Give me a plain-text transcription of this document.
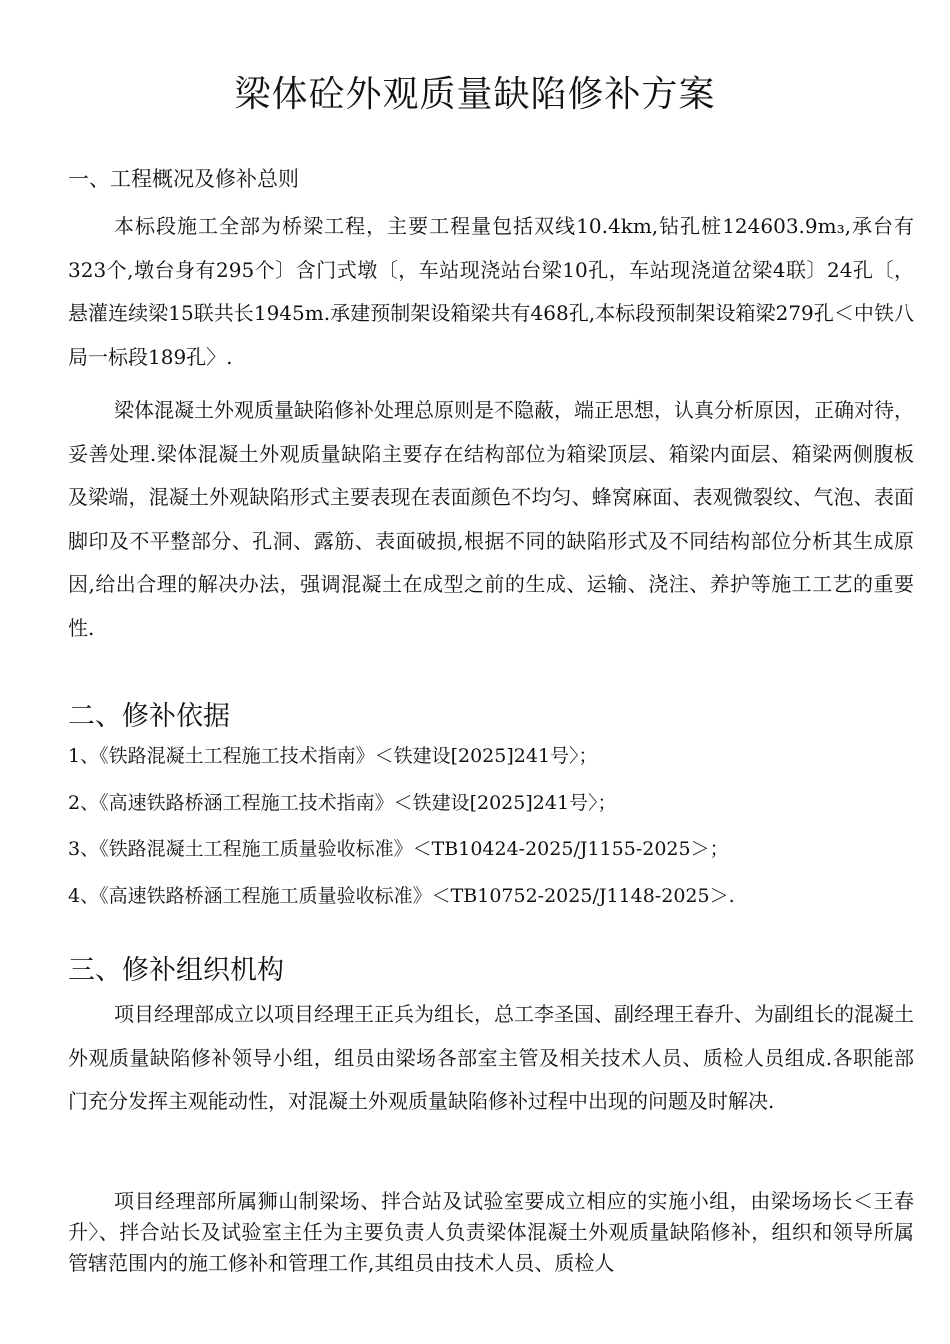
梁体砼外观质量缺陷修补方案
一、工程概况及修补总则

本标段施工全部为桥梁工程，主要工程量包括双线10.4km,钻孔桩124603.9m₃,承台有323个,墩台身有295个〕含门式墩〔，车站现浇站台梁10孔，车站现浇道岔梁4联〕24孔〔，悬灌连续梁15联共长1945m.承建预制架设箱梁共有468孔,本标段预制架设箱梁279孔＜中铁八局一标段189孔〉.

梁体混凝土外观质量缺陷修补处理总原则是不隐蔽，端正思想，认真分析原因，正确对待，妥善处理.梁体混凝土外观质量缺陷主要存在结构部位为箱梁顶层、箱梁内面层、箱梁两侧腹板及梁端，混凝土外观缺陷形式主要表现在表面颜色不均匀、蜂窝麻面、表观微裂纹、气泡、表面脚印及不平整部分、孔洞、露筋、表面破损,根据不同的缺陷形式及不同结构部位分析其生成原因,给出合理的解决办法，强调混凝土在成型之前的生成、运输、浇注、养护等施工工艺的重要性.

二、修补依据

1、《铁路混凝土工程施工技术指南》＜铁建设[2025]241号〉；

2、《高速铁路桥涵工程施工技术指南》＜铁建设[2025]241号〉；

3、《铁路混凝土工程施工质量验收标准》＜TB10424-2025/J1155-2025＞；

4、《高速铁路桥涵工程施工质量验收标准》＜TB10752-2025/J1148-2025＞.

三、修补组织机构

项目经理部成立以项目经理王正兵为组长，总工李圣国、副经理王春升、为副组长的混凝土外观质量缺陷修补领导小组，组员由梁场各部室主管及相关技术人员、质检人员组成.各职能部门充分发挥主观能动性，对混凝土外观质量缺陷修补过程中出现的问题及时解决.

项目经理部所属狮山制梁场、拌合站及试验室要成立相应的实施小组，由梁场场长＜王春升〉、拌合站长及试验室主任为主要负责人负责梁体混凝土外观质量缺陷修补，组织和领导所属管辖范围内的施工修补和管理工作,其组员由技术人员、质检人
